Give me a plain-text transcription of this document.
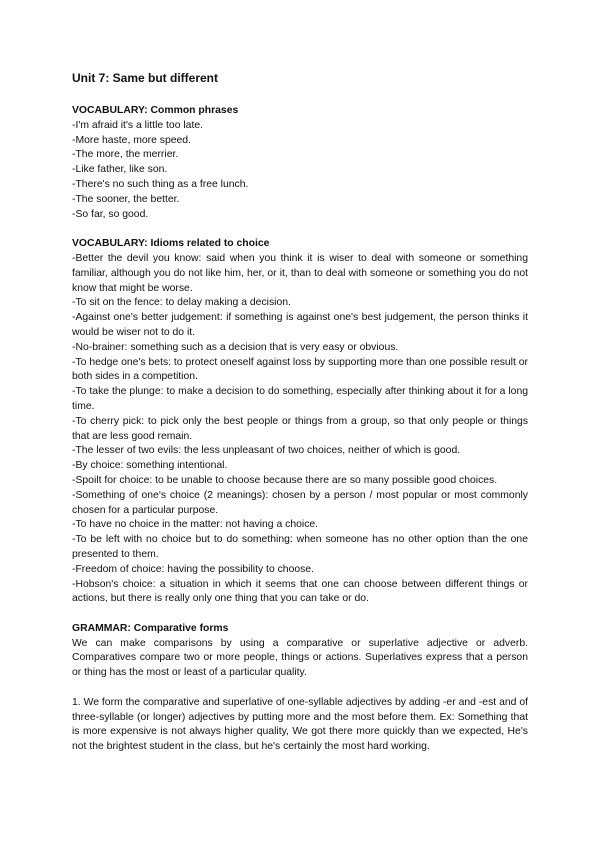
Unit 7: Same but different

VOCABULARY: Common phrases

-I'm afraid it's a little too late.

-More haste, more speed.

-The more, the merrier.

-Like father, like son.

-There's no such thing as a free lunch.

-The sooner, the better.

-So far, so good.

VOCABULARY: Idioms related to choice

-Better the devil you know: said when you think it is wiser to deal with someone or something familiar, although you do not like him, her, or it, than to deal with someone or something you do not know that might be worse.

-To sit on the fence: to delay making a decision.

-Against one's better judgement: if something is against one's best judgement, the person thinks it would be wiser not to do it.

-No-brainer: something such as a decision that is very easy or obvious.

-To hedge one's bets: to protect oneself against loss by supporting more than one possible result or both sides in a competition.

-To take the plunge: to make a decision to do something, especially after thinking about it for a long time.

-To cherry pick: to pick only the best people or things from a group, so that only people or things that are less good remain.

-The lesser of two evils: the less unpleasant of two choices, neither of which is good.

-By choice: something intentional.

-Spoilt for choice: to be unable to choose because there are so many possible good choices.

-Something of one's choice (2 meanings): chosen by a person / most popular or most commonly chosen for a particular purpose.

-To have no choice in the matter: not having a choice.

-To be left with no choice but to do something: when someone has no other option than the one presented to them.

-Freedom of choice: having the possibility to choose.

-Hobson's choice: a situation in which it seems that one can choose between different things or actions, but there is really only one thing that you can take or do.

GRAMMAR: Comparative forms

We can make comparisons by using a comparative or superlative adjective or adverb. Comparatives compare two or more people, things or actions. Superlatives express that a person or thing has the most or least of a particular quality.

1. We form the comparative and superlative of one-syllable adjectives by adding -er and -est and of three-syllable (or longer) adjectives by putting more and the most before them. Ex: Something that is more expensive is not always higher quality, We got there more quickly than we expected, He's not the brightest student in the class, but he's certainly the most hard working.
